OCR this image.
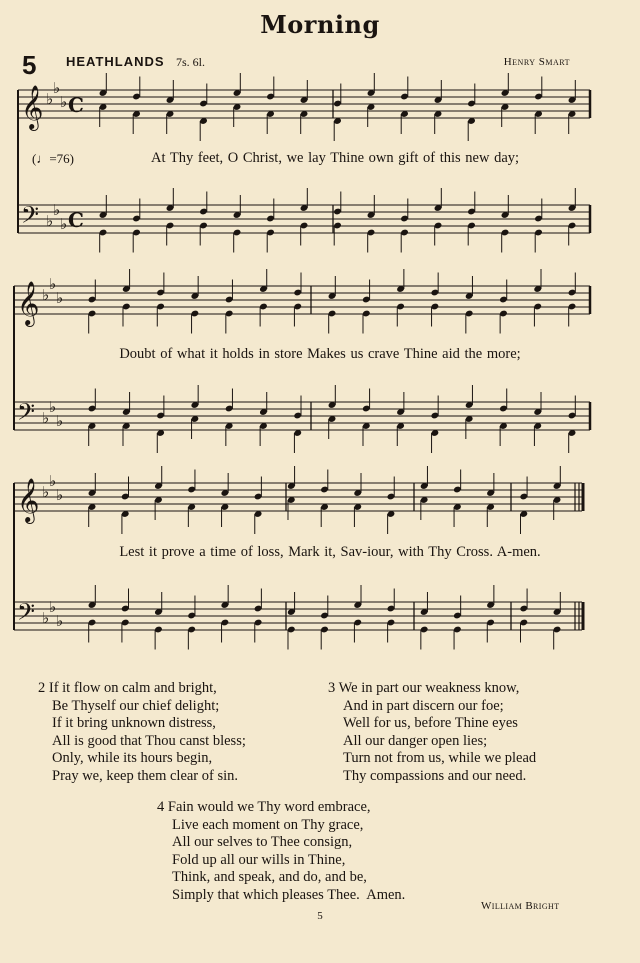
Morning
5 HEATHLANDS 7s. 6l.	Henry Smart
𝄞 ♭
♭
♭ C
𝄢 ♭
♭
♭ C
𝄞 ♭
♭
♭
𝄢 ♭
♭
♭
𝄞 ♭
♭
♭
𝄢 ♭
♭
♭
(♩=76)	At Thy feet, O Christ, we lay Thine own gift of this new day;
Doubt of what it holds in store Makes us crave Thine aid the more;
Lest it prove a time of loss, Mark it, Sav-iour, with Thy Cross. A-men.
2 If it flow on calm and bright,
Be Thyself our chief delight;
If it bring unknown distress,
All is good that Thou canst bless;
Only, while its hours begin,
Pray we, keep them clear of sin.
3 We in part our weakness know,
And in part discern our foe;
Well for us, before Thine eyes
All our danger open lies;
Turn not from us, while we plead
Thy compassions and our need.
4 Fain would we Thy word embrace,
Live each moment on Thy grace,
All our selves to Thee consign,
Fold up all our wills in Thine,
Think, and speak, and do, and be,
Simply that which pleases Thee.  Amen.
William Bright
5
